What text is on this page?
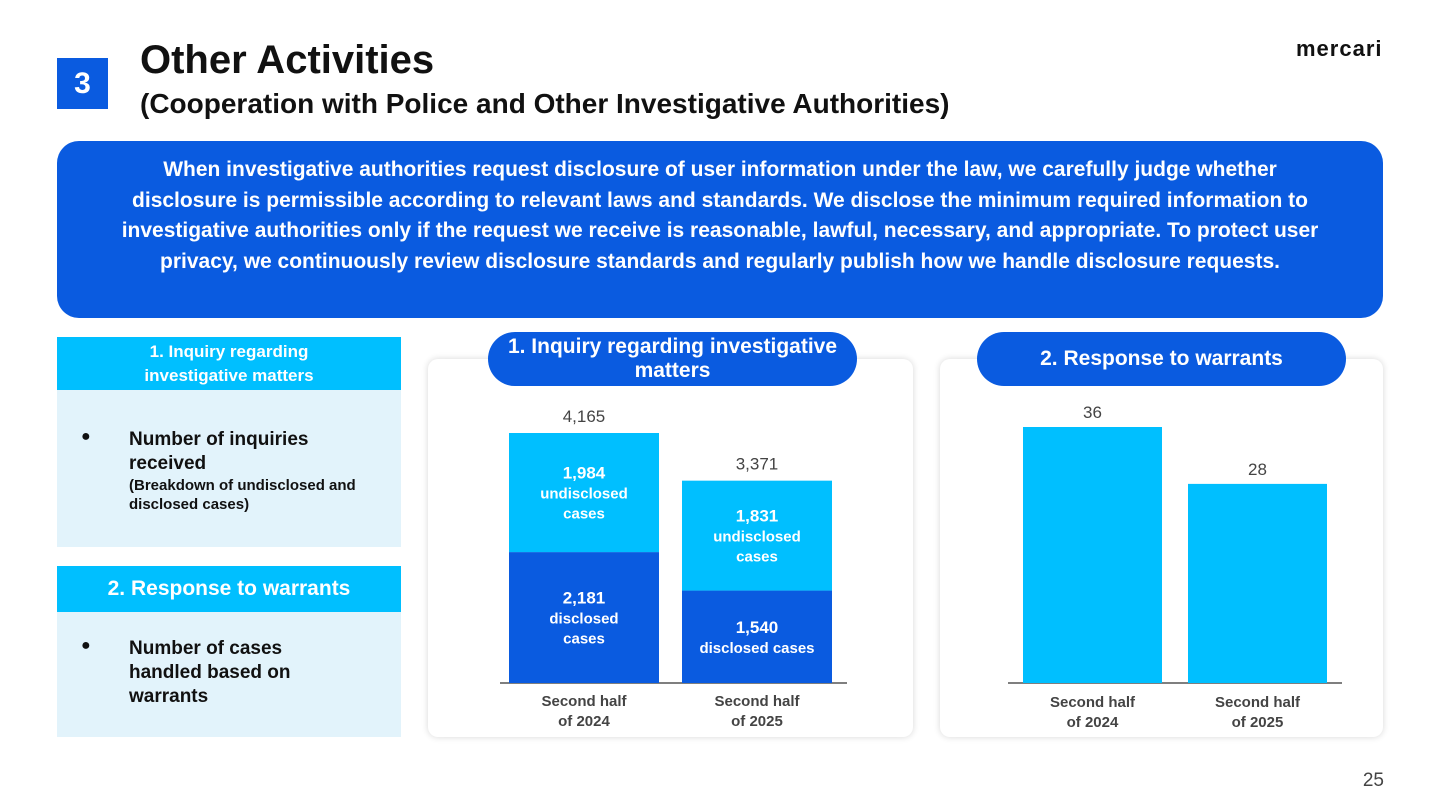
3
Other Activities
(Cooperation with Police and Other Investigative Authorities)
mercari
When investigative authorities request disclosure of user information under the law, we carefully judge whether disclosure is permissible according to relevant laws and standards. We disclose the minimum required information to investigative authorities only if the request we receive is reasonable, lawful, necessary, and appropriate. To protect user privacy, we continuously review disclosure standards and regularly publish how we handle disclosure requests.
1. Inquiry regarding investigative matters
●	Number of inquiries received
(Breakdown of undisclosed and disclosed cases)
2. Response to warrants
●	Number of cases handled based on warrants
2,181
disclosed
cases
1,984
undisclosed
cases
4,165
Second half
of 2024
1,540
disclosed cases
1,831
undisclosed
cases
3,371
Second half
of 2025
1. Inquiry regarding investigative matters
36
Second half
of 2024
28
Second half
of 2025
2. Response to warrants
25
